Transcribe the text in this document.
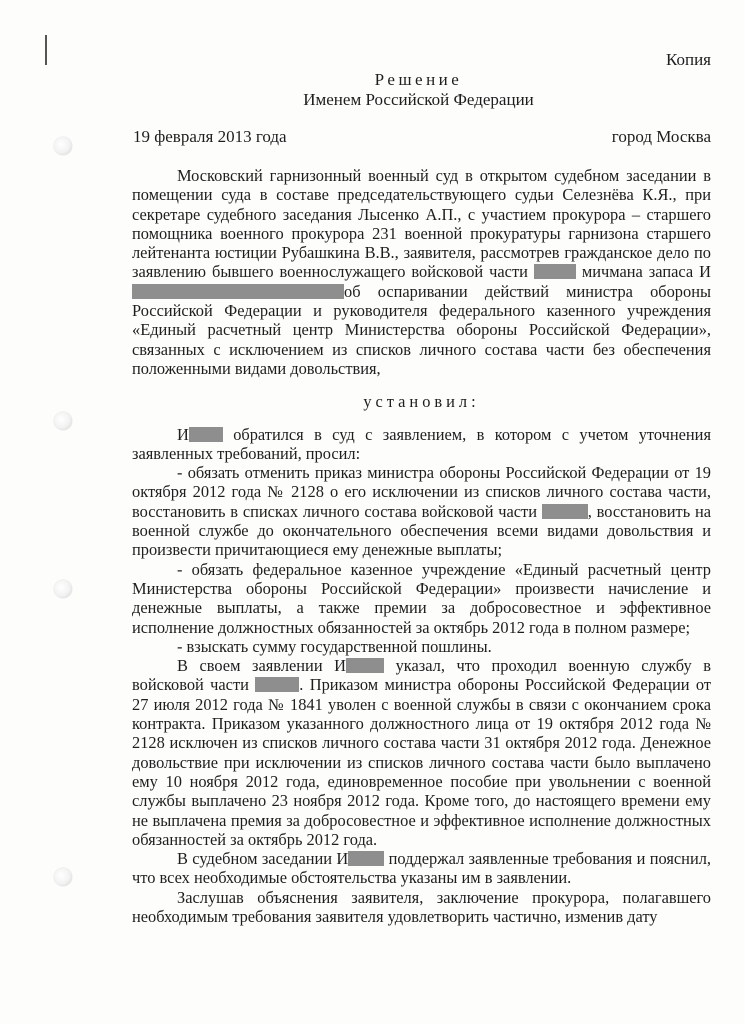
Копия
Решение
Именем Российской Федерации
19 февраля 2013 года	город Москва

Московский гарнизонный военный суд в открытом судебном заседании в помещении суда в составе председательствующего судьи Селезнёва К.Я., при секретаре судебного заседания Лысенко А.П., с участием прокурора – старшего помощника военного прокурора 231 военной прокуратуры гарнизона старшего лейтенанта юстиции Рубашкина В.В., заявителя, рассмотрев гражданское дело по заявлению бывшего военнослужащего войсковой части	мичмана запаса Иоб оспаривании действий министра обороны Российской Федерации и руководителя федерального казенного учреждения «Единый расчетный центр Министерства обороны Российской Федерации», связанных с исключением из списков личного состава части без обеспечения положенными видами довольствия,

установил:

И	обратился в суд с заявлением, в котором с учетом уточнения заявленных требований, просил:

- обязать отменить приказ министра обороны Российской Федерации от 19 октября 2012 года № 2128 о его исключении из списков личного состава части, восстановить в списках личного состава войсковой части	, восстановить на военной службе до окончательного обеспечения всеми видами довольствия и произвести причитающиеся ему денежные выплаты;

- обязать федеральное казенное учреждение «Единый расчетный центр Министерства обороны Российской Федерации» произвести начисление и денежные выплаты, а также премии за добросовестное и эффективное исполнение должностных обязанностей за октябрь 2012 года в полном размере;

- взыскать сумму государственной пошлины.

В своем заявлении И	указал, что проходил военную службу в войсковой части	. Приказом министра обороны Российской Федерации от 27 июля 2012 года № 1841 уволен с военной службы в связи с окончанием срока контракта. Приказом указанного должностного лица от 19 октября 2012 года № 2128 исключен из списков личного состава части 31 октября 2012 года. Денежное довольствие при исключении из списков личного состава части было выплачено ему 10 ноября 2012 года, единовременное пособие при увольнении с военной службы выплачено 23 ноября 2012 года. Кроме того, до настоящего времени ему не выплачена премия за добросовестное и эффективное исполнение должностных обязанностей за октябрь 2012 года.

В судебном заседании И поддержал заявленные требования и пояснил, что всех необходимые обстоятельства указаны им в заявлении.

Заслушав объяснения заявителя, заключение прокурора, полагавшего необходимым требования заявителя удовлетворить частично, изменив дату
